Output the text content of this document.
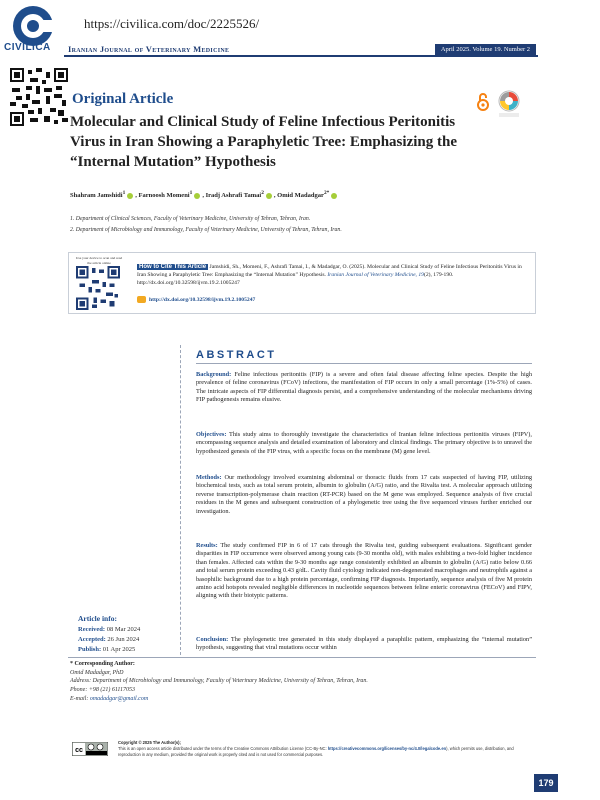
CIVILICA
https://civilica.com/doc/2225526/
Iranian Journal of Veterinary Medicine	April 2025. Volume 19. Number 2
Original Article
Molecular and Clinical Study of Feline Infectious Peritonitis Virus in Iran Showing a Paraphyletic Tree: Emphasizing the “Internal Mutation” Hypothesis
Shahram Jamshidi$^1$ , Farnoosh Momeni$^1$ , Iradj Ashrafi Tamai$^2$ , Omid Madadgar$^{2*}$
1. Department of Clinical Sciences, Faculty of Veterinary Medicine, University of Tehran, Tehran, Iran.
2. Department of Microbiology and Immunology, Faculty of Veterinary Medicine, University of Tehran, Tehran, Iran.
Use your device to scan and read the article online
How to Cite This Article Jamshidi, Sh., Momeni, F., Ashrafi Tamai, I., & Madadgar, O. (2025). Molecular and Clinical Study of Feline Infectious Peritonitis Virus in Iran Showing a Paraphyletic Tree: Emphasizing the “Internal Mutation” Hypothesis. Iranian Journal of Veterinary Medicine, 19(2), 179-190. http://dx.doi.org/10.32598/ijvm.19.2.1005247
http://dx.doi.org/10.32598/ijvm.19.2.1005247
ABSTRACT
Background: Feline infectious peritonitis (FIP) is a severe and often fatal disease affecting feline species. Despite the high prevalence of feline coronavirus (FCoV) infections, the manifestation of FIP occurs in only a small percentage (1%-5%) of cases. The intricate aspects of FIP differential diagnosis persist, and a comprehensive understanding of the molecular mechanisms driving FIP pathogenesis remains elusive.
Objectives: This study aims to thoroughly investigate the characteristics of Iranian feline infectious peritonitis viruses (FIPV), encompassing sequence analysis and detailed examination of laboratory and clinical findings. The primary objective is to unravel the hypothesized genesis of the FIP virus, with a specific focus on the membrane (M) gene level.
Methods: Our methodology involved examining abdominal or thoracic fluids from 17 cats suspected of having FIP, utilizing biochemical tests, such as total serum protein, albumin to globulin (A/G) ratio, and the Rivalta test. A molecular approach utilizing reverse transcription-polymerase chain reaction (RT-PCR) based on the M gene was employed. Sequence analysis of five crucial residues in the M genes and subsequent construction of a phylogenetic tree using the five sequenced viruses further enriched our investigation.
Results: The study confirmed FIP in 6 of 17 cats through the Rivalta test, guiding subsequent evaluations. Significant gender disparities in FIP occurrence were observed among young cats (9-30 months old), with males exhibiting a two-fold higher incidence than females. Affected cats within the 9-30 months age range consistently exhibited an albumin to globulin (A/G) ratio below 0.66 and total serum protein exceeding 0.43 g/dL. Cavity fluid cytology indicated non-degenerated macrophages and neutrophils against a basophilic background due to a high protein percentage, confirming FIP diagnosis. Importantly, sequence analysis of five M protein amino acid hotspots revealed negligible differences in nucleotide sequences between feline enteric coronavirus (FECoV) and FIPV, aligning with their biotypic patterns.
Conclusion: The phylogenetic tree generated in this study displayed a paraphilic pattern, emphasizing the “internal mutation” hypothesis, suggesting that viral mutations occur within
Article info:
Received: 08 Mar 2024
Accepted: 26 Jun 2024
Publish: 01 Apr 2025
* Corresponding Author:
Omid Madadgar, PhD
Address: Department of Microbiology and Immunology, Faculty of Veterinary Medicine, University of Tehran, Tehran, Iran.
Phone: +98 (21) 61117053
E-mail: omadadgar@gmail.com
cc
Copyright © 2025 The Author(s);
This is an open access article distributed under the terms of the Creative Commons Attribution License (CC-By-NC: https://creativecommons.org/licenses/by-nc/4.0/legalcode.en), which permits use, distribution, and reproduction in any medium, provided the original work is properly cited and is not used for commercial purposes.
179
